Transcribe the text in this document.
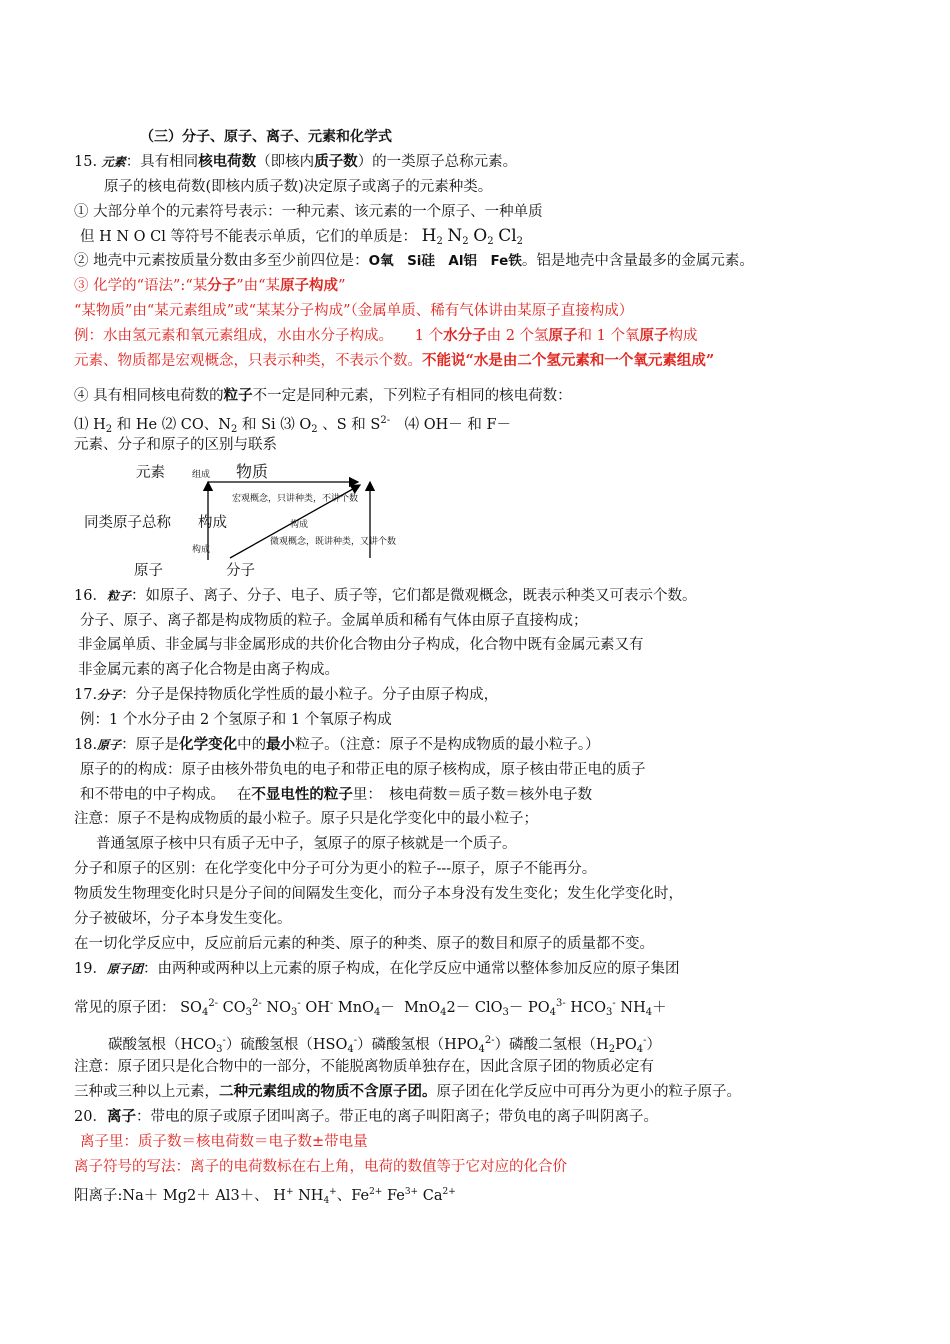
（三）分子、原子、离子、元素和化学式
15. 元素：具有相同核电荷数（即核内质子数）的一类原子总称元素。
原子的核电荷数(即核内质子数)决定原子或离子的元素种类。
① 大部分单个的元素符号表示：一种元素、该元素的一个原子、一种单质
但 H N O Cl 等符号不能表示单质，它们的单质是： $H_2$ $N_2$ $O_2$ $Cl_2$
② 地壳中元素按质量分数由多至少前四位是：O氧　Si硅　Al铝　Fe铁。铝是地壳中含量最多的金属元素。
③ 化学的“语法”:“某分子”由“某原子构成”
“某物质”由“某元素组成”或“某某分子构成”（金属单质、稀有气体讲由某原子直接构成）
例：水由氢元素和氧元素组成，水由水分子构成。　　1 个水分子由 2 个氢原子和 1 个氧原子构成
元素、物质都是宏观概念，只表示种类，不表示个数。不能说“水是由二个氢元素和一个氧元素组成”
④ 具有相同核电荷数的粒子不一定是同种元素，下列粒子有相同的核电荷数：
⑴ $H_2$ 和 He ⑵ CO、$N_2$ 和 Si ⑶ $O_2$ 、S 和 $S^{2-}$　⑷ OH－ 和 F－
元素、分子和原子的区别与联系
元素	组成 物质
宏观概念，只讲种类，不讲个数
同类原子总称 构成	构成
微观概念，既讲种类，又讲个数
构成
原子	分子
16．粒子：如原子、离子、分子、电子、质子等，它们都是微观概念，既表示种类又可表示个数。
分子、原子、离子都是构成物质的粒子。金属单质和稀有气体由原子直接构成；
非金属单质、非金属与非金属形成的共价化合物由分子构成，化合物中既有金属元素又有
非金属元素的离子化合物是由离子构成。
17.分子：分子是保持物质化学性质的最小粒子。分子由原子构成，
例：1 个水分子由 2 个氢原子和 1 个氧原子构成
18.原子：原子是化学变化中的最小粒子。（注意：原子不是构成物质的最小粒子。）
原子的的构成：原子由核外带负电的电子和带正电的原子核构成，原子核由带正电的质子
和不带电的中子构成。　 在不显电性的粒子里：　核电荷数＝质子数＝核外电子数
注意：原子不是构成物质的最小粒子。原子只是化学变化中的最小粒子；
普通氢原子核中只有质子无中子，氢原子的原子核就是一个质子。
分子和原子的区别：在化学变化中分子可分为更小的粒子---原子，原子不能再分。
物质发生物理变化时只是分子间的间隔发生变化，而分子本身没有发生变化；发生化学变化时，
分子被破坏，分子本身发生变化。
在一切化学反应中，反应前后元素的种类、原子的种类、原子的数目和原子的质量都不变。
19．原子团：由两种或两种以上元素的原子构成，在化学反应中通常以整体参加反应的原子集团
常见的原子团： $SO_4^{2-}$ $CO_3^{2-}$ $NO_3^-$ OH- $MnO_4- MnO_42- ClO_3- PO_4^{3-}$ $HCO_3^-$ $NH_4+$
碳酸氢根$(HCO_3^-)$硫酸氢根$(HSO_4^-)$磷酸氢根$(HPO_4^{2-})$磷酸二氢根$(H_2PO_4^-)$
注意：原子团只是化合物中的一部分，不能脱离物质单独存在，因此含原子团的物质必定有
三种或三种以上元素，二种元素组成的物质不含原子团。原子团在化学反应中可再分为更小的粒子原子。
20．离子：带电的原子或原子团叫离子。带正电的离子叫阳离子；带负电的离子叫阴离子。
离子里：质子数＝核电荷数＝电子数±带电量
离子符号的写法：离子的电荷数标在右上角，电荷的数值等于它对应的化合价
阳离子:Na＋ Mg2＋ Al3＋、 H+ $NH_4^+$、$Fe^{2+}$ $Fe^{3+}$ $Ca^{2+}$
